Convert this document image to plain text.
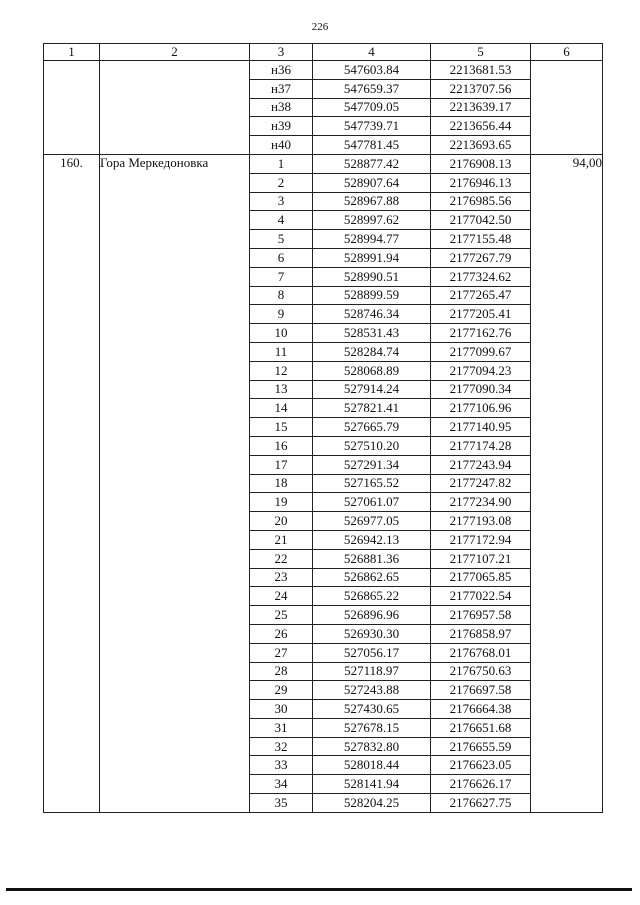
226
1	2	3	4	5	6
		н36	547603.84	2213681.53	
		н37	547659.37	2213707.56	
		н38	547709.05	2213639.17	
		н39	547739.71	2213656.44	
		н40	547781.45	2213693.65	
160.	Гора Меркедоновка	1	528877.42	2176908.13	94,00
		2	528907.64	2176946.13	
		3	528967.88	2176985.56	
		4	528997.62	2177042.50	
		5	528994.77	2177155.48	
		6	528991.94	2177267.79	
		7	528990.51	2177324.62	
		8	528899.59	2177265.47	
		9	528746.34	2177205.41	
		10	528531.43	2177162.76	
		11	528284.74	2177099.67	
		12	528068.89	2177094.23	
		13	527914.24	2177090.34	
		14	527821.41	2177106.96	
		15	527665.79	2177140.95	
		16	527510.20	2177174.28	
		17	527291.34	2177243.94	
		18	527165.52	2177247.82	
		19	527061.07	2177234.90	
		20	526977.05	2177193.08	
		21	526942.13	2177172.94	
		22	526881.36	2177107.21	
		23	526862.65	2177065.85	
		24	526865.22	2177022.54	
		25	526896.96	2176957.58	
		26	526930.30	2176858.97	
		27	527056.17	2176768.01	
		28	527118.97	2176750.63	
		29	527243.88	2176697.58	
		30	527430.65	2176664.38	
		31	527678.15	2176651.68	
		32	527832.80	2176655.59	
		33	528018.44	2176623.05	
		34	528141.94	2176626.17	
		35	528204.25	2176627.75	
